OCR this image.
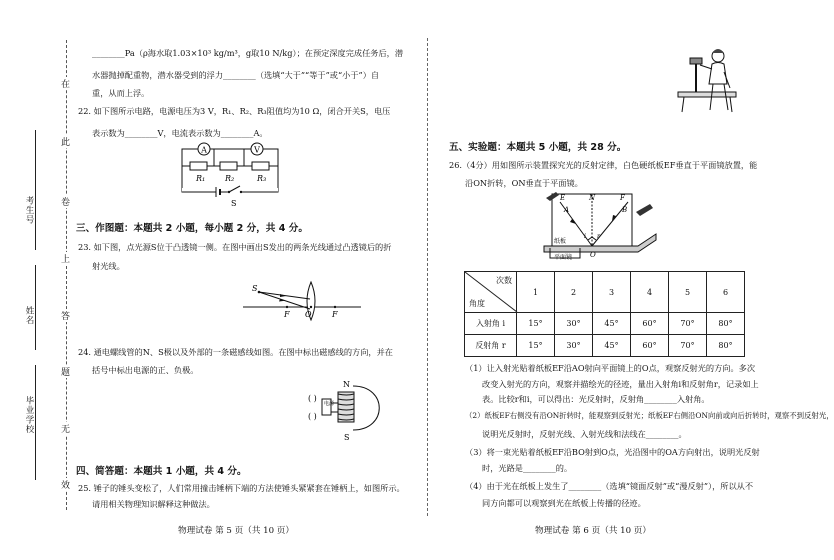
考生号
姓名
毕业学校
在
此
卷
上
答
题
无
效
________Pa（ρ海水取1.03×10³ kg/m³，g取10 N/kg）；在预定深度完成任务后，潜
水器抛掉配重物，潜水器受到的浮力________（选填“大于”“等于”或“小于”）自
重，从而上浮。
22. 如下图所示电路，电源电压为3 V，R₁、R₂、R₃阻值均为10 Ω，闭合开关S，电压
表示数为________V，电流表示数为________A。
A	V
R₁ R₂	R₃
S
三、作图题：本题共 2 小题，每小题 2 分，共 4 分。
23. 如下图，点光源S位于凸透镜一侧。在图中画出S发出的两条光线通过凸透镜后的折
射光线。
S
F O	F
24. 通电螺线管的N、S极以及外部的一条磁感线如图。在图中标出磁感线的方向，并在
括号中标出电源的正、负极。
电源
N
S
( )
( )
四、简答题：本题共 1 小题，共 4 分。
25. 锤子的锤头变松了，人们常用撞击锤柄下端的方法使锤头紧紧套在锤柄上，如图所示。
请用相关物理知识解释这种做法。
物理试卷 第 5 页（共 10 页）
五、实验题：本题共 5 小题，共 28 分。
26.（4分）用如图所示装置探究光的反射定律，白色硬纸板EF垂直于平面镜放置，能
沿ON折转，ON垂直于平面镜。
E	N	F
A	B
i r
O
纸板
平面镜
次数
角度	1	2	3	4	5	6
入射角 i	15°	30°	45°	60°	70°	80°
反射角 r	15°	30°	45°	60°	70°	80°
（1）让入射光贴着纸板EF沿AO射向平面镜上的O点，观察反射光的方向。多次
改变入射光的方向，观察并描绘光的径迹，量出入射角i和反射角r，记录如上
表。比较r和i，可以得出：光反射时，反射角________入射角。
（2）纸板EF右侧没有沿ON折转时，能观察到反射光；纸板EF右侧沿ON向前或向后折转时，观察不到反射光，
说明光反射时，反射光线、入射光线和法线在________。
（3）将一束光贴着纸板EF沿BO射到O点，光沿图中的OA方向射出，说明光反射
时，光路是________的。
（4）由于光在纸板上发生了________（选填“镜面反射”或“漫反射”），所以从不
同方向都可以观察到光在纸板上传播的径迹。
物理试卷 第 6 页（共 10 页）
